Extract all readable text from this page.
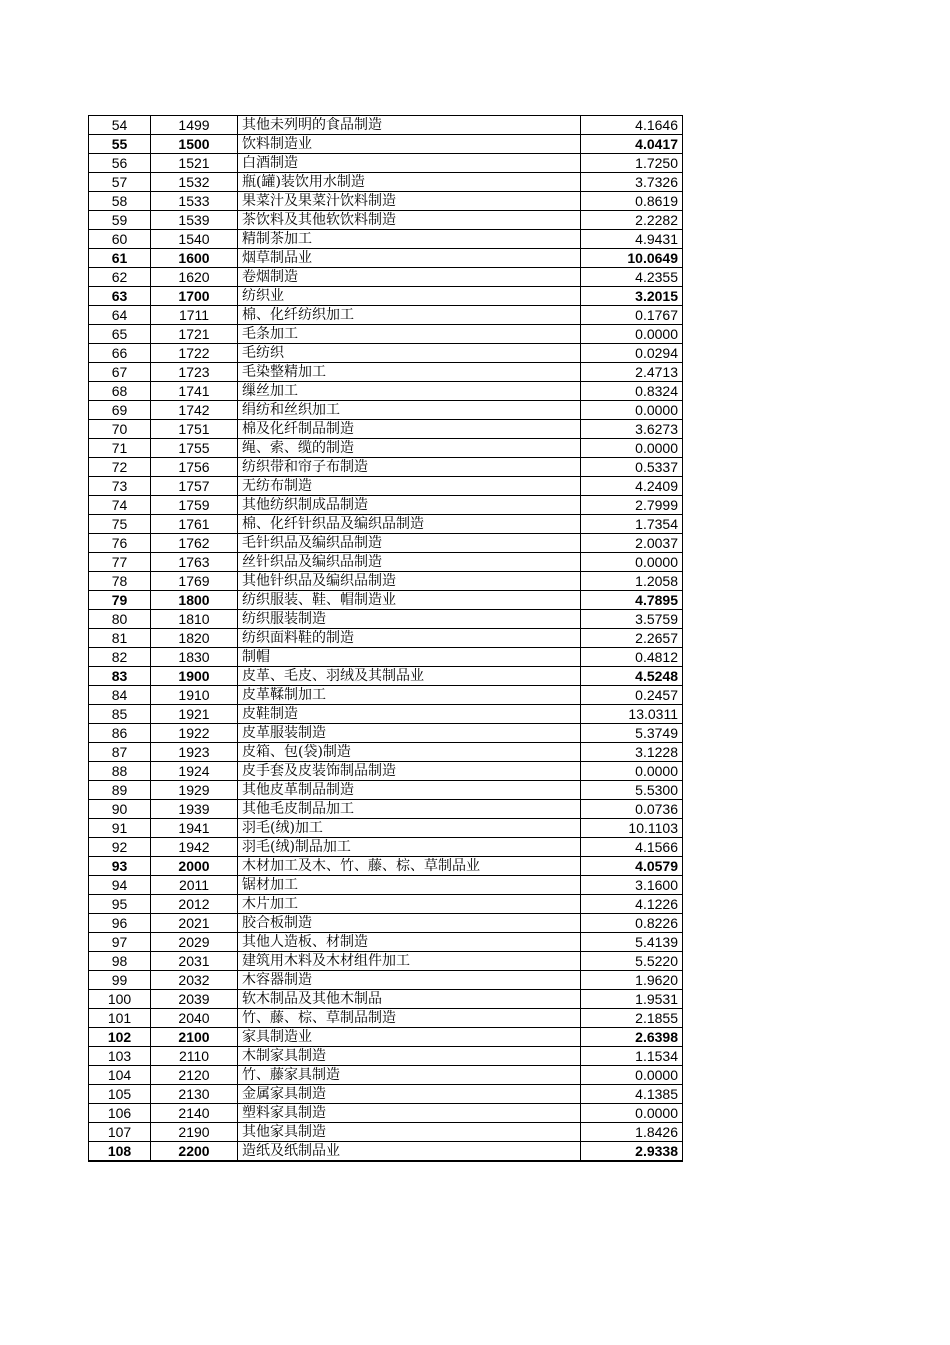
54	1499	其他未列明的食品制造	4.1646
55	1500	饮料制造业	4.0417
56	1521	白酒制造	1.7250
57	1532	瓶(罐)装饮用水制造	3.7326
58	1533	果菜汁及果菜汁饮料制造	0.8619
59	1539	茶饮料及其他软饮料制造	2.2282
60	1540	精制茶加工	4.9431
61	1600	烟草制品业	10.0649
62	1620	卷烟制造	4.2355
63	1700	纺织业	3.2015
64	1711	棉、化纤纺织加工	0.1767
65	1721	毛条加工	0.0000
66	1722	毛纺织	0.0294
67	1723	毛染整精加工	2.4713
68	1741	缫丝加工	0.8324
69	1742	绢纺和丝织加工	0.0000
70	1751	棉及化纤制品制造	3.6273
71	1755	绳、索、缆的制造	0.0000
72	1756	纺织带和帘子布制造	0.5337
73	1757	无纺布制造	4.2409
74	1759	其他纺织制成品制造	2.7999
75	1761	棉、化纤针织品及编织品制造	1.7354
76	1762	毛针织品及编织品制造	2.0037
77	1763	丝针织品及编织品制造	0.0000
78	1769	其他针织品及编织品制造	1.2058
79	1800	纺织服装、鞋、帽制造业	4.7895
80	1810	纺织服装制造	3.5759
81	1820	纺织面料鞋的制造	2.2657
82	1830	制帽	0.4812
83	1900	皮革、毛皮、羽绒及其制品业	4.5248
84	1910	皮革鞣制加工	0.2457
85	1921	皮鞋制造	13.0311
86	1922	皮革服装制造	5.3749
87	1923	皮箱、包(袋)制造	3.1228
88	1924	皮手套及皮装饰制品制造	0.0000
89	1929	其他皮革制品制造	5.5300
90	1939	其他毛皮制品加工	0.0736
91	1941	羽毛(绒)加工	10.1103
92	1942	羽毛(绒)制品加工	4.1566
93	2000	木材加工及木、竹、藤、棕、草制品业	4.0579
94	2011	锯材加工	3.1600
95	2012	木片加工	4.1226
96	2021	胶合板制造	0.8226
97	2029	其他人造板、材制造	5.4139
98	2031	建筑用木料及木材组件加工	5.5220
99	2032	木容器制造	1.9620
100	2039	软木制品及其他木制品	1.9531
101	2040	竹、藤、棕、草制品制造	2.1855
102	2100	家具制造业	2.6398
103	2110	木制家具制造	1.1534
104	2120	竹、藤家具制造	0.0000
105	2130	金属家具制造	4.1385
106	2140	塑料家具制造	0.0000
107	2190	其他家具制造	1.8426
108	2200	造纸及纸制品业	2.9338
